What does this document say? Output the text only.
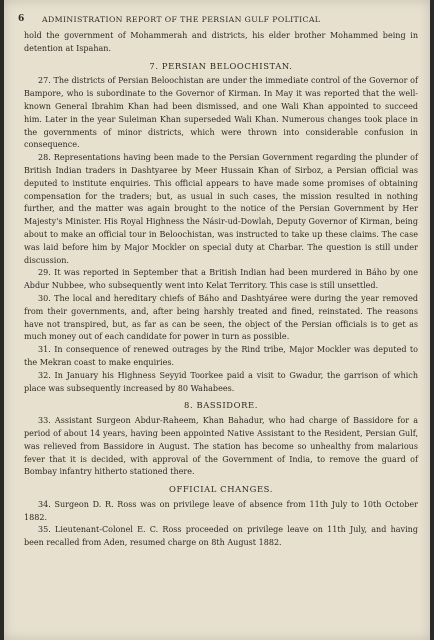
6 ADMINISTRATION REPORT OF THE PERSIAN GULF POLITICAL

hold the government of Mohammerah and districts, his elder brother Mohammed being in detention at Ispahan.

7. PERSIAN BELOOCHISTAN.

27. The districts of Persian Beloochistan are under the immediate control of the Governor of Bampore, who is subordinate to the Governor of Kirman. In May it was reported that the well-known General Ibrahim Khan had been dismissed, and one Wali Khan appointed to succeed him. Later in the year Suleiman Khan superseded Wali Khan. Numerous changes took place in the governments of minor districts, which were thrown into considerable confusion in consequence.

28. Representations having been made to the Persian Government regarding the plunder of British Indian traders in Dashtyaree by Meer Hussain Khan of Sirboz, a Persian official was deputed to institute enquiries. This official appears to have made some promises of obtaining compensation for the traders; but, as usual in such cases, the mission resulted in nothing further, and the matter was again brought to the notice of the Persian Government by Her Majesty's Minister. His Royal Highness the Násir-ud-Dowlah, Deputy Governor of Kirman, being about to make an official tour in Beloochistan, was instructed to take up these claims. The case was laid before him by Major Mockler on special duty at Charbar. The question is still under discussion.

29. It was reported in September that a British Indian had been murdered in Báho by one Abdur Nubbee, who subsequently went into Kelat Territory. This case is still unsettled.

30. The local and hereditary chiefs of Báho and Dashtyáree were during the year removed from their governments, and, after being harshly treated and fined, reinstated. The reasons have not transpired, but, as far as can be seen, the object of the Persian officials is to get as much money out of each candidate for power in turn as possible.

31. In consequence of renewed outrages by the Rind tribe, Major Mockler was deputed to the Mekran coast to make enquiries.

32. In January his Highness Seyyid Toorkee paid a visit to Gwadur, the garrison of which place was subsequently increased by 80 Wahabees.

8. BASSIDORE.

33. Assistant Surgeon Abdur-Raheem, Khan Bahadur, who had charge of Bassidore for a period of about 14 years, having been appointed Native Assistant to the Resident, Persian Gulf, was relieved from Bassidore in August. The station has become so unhealthy from malarious fever that it is decided, with approval of the Government of India, to remove the guard of Bombay infantry hitherto stationed there.

OFFICIAL CHANGES.

34. Surgeon D. R. Ross was on privilege leave of absence from 11th July to 10th October 1882.

35. Lieutenant-Colonel E. C. Ross proceeded on privilege leave on 11th July, and having been recalled from Aden, resumed charge on 8th August 1882.
